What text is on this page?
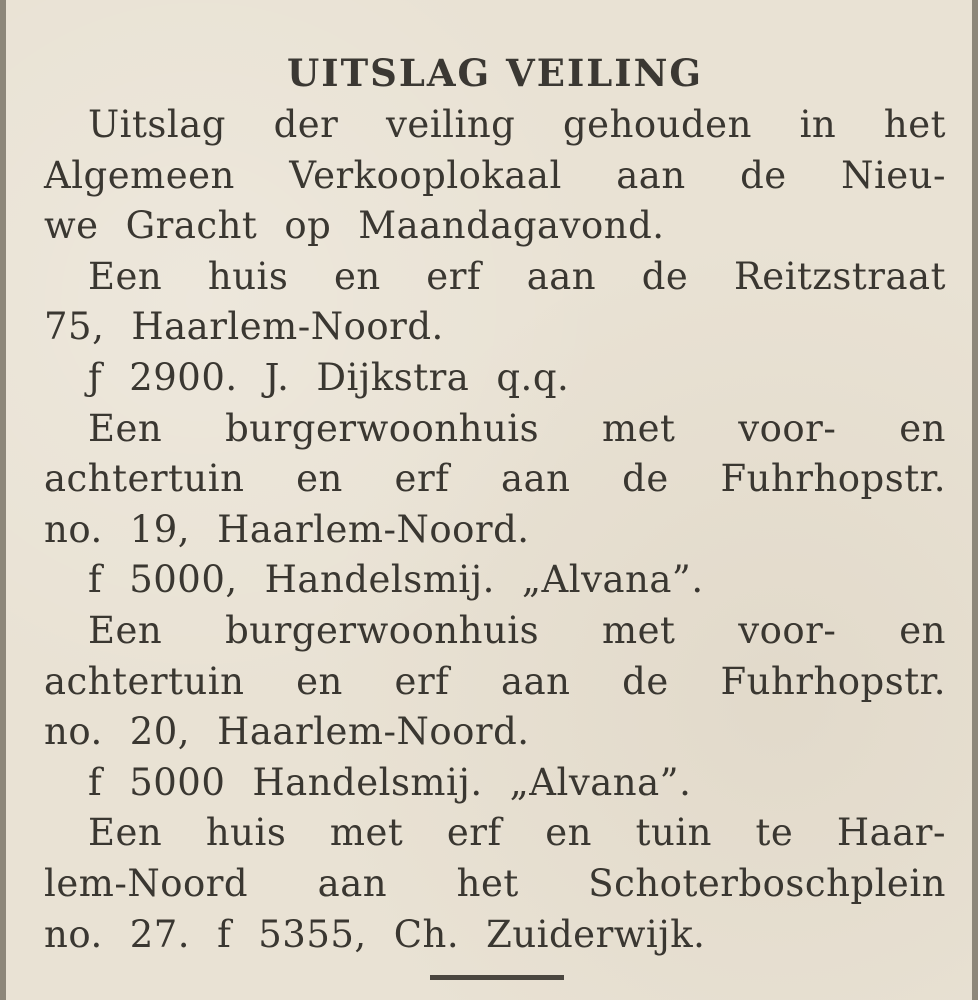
UITSLAG VEILING
Uitslag der veiling gehouden in het
Algemeen Verkooplokaal aan de Nieu-
we Gracht op Maandagavond.
Een huis en erf aan de Reitzstraat
75, Haarlem-Noord.
ƒ 2900. J. Dijkstra q.q.
Een burgerwoonhuis met voor- en
achtertuin en erf aan de Fuhrhopstr.
no. 19, Haarlem-Noord.
f 5000, Handelsmij. „Alvana”.
Een burgerwoonhuis met voor- en
achtertuin en erf aan de Fuhrhopstr.
no. 20, Haarlem-Noord.
f 5000 Handelsmij. „Alvana”.
Een huis met erf en tuin te Haar-
lem-Noord aan het Schoterboschplein
no. 27. f 5355, Ch. Zuiderwijk.
